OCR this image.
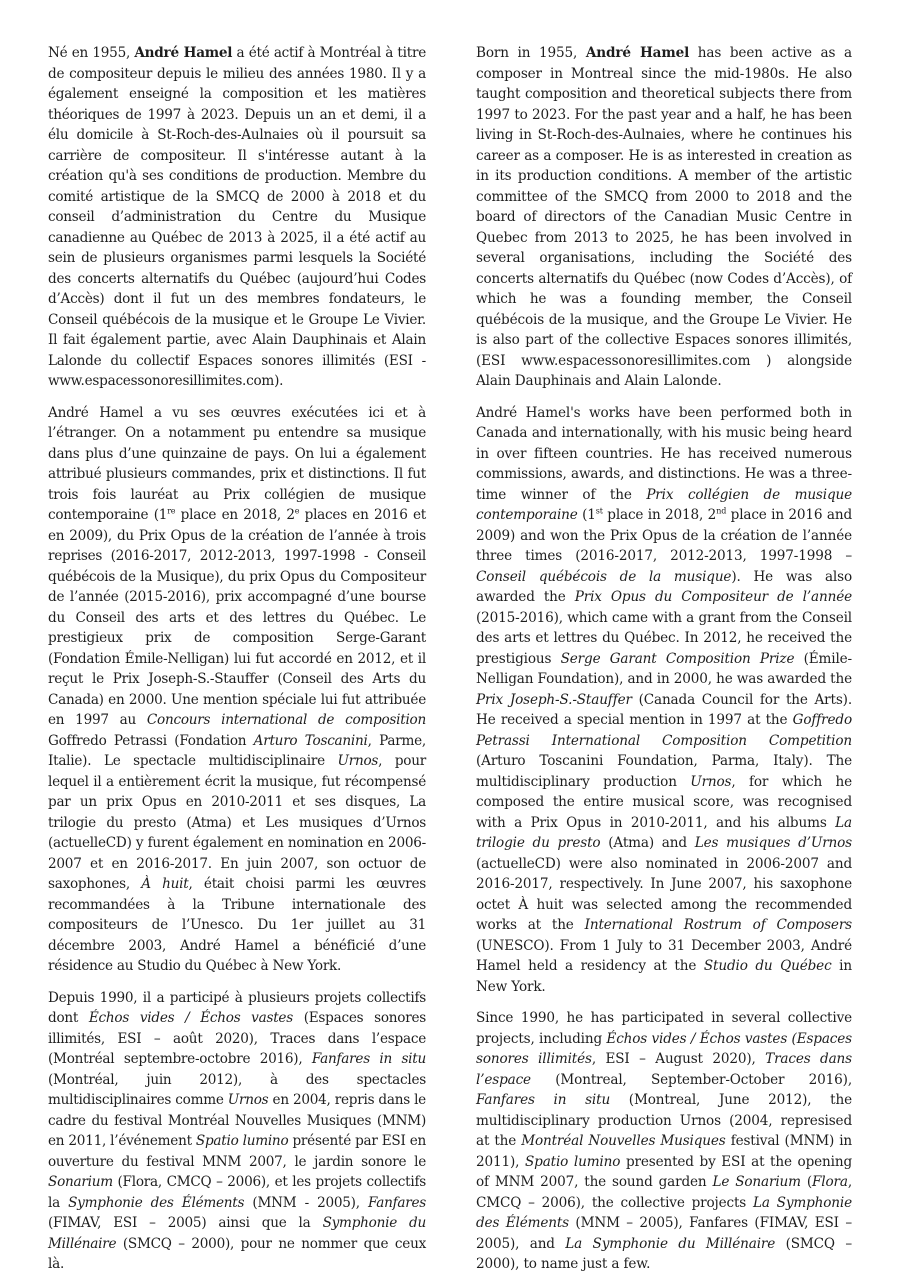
Né en 1955, André Hamel a été actif à Montréal à titre de compositeur depuis le milieu des années 1980. Il y a également enseigné la composition et les matières théoriques de 1997 à 2023. Depuis un an et demi, il a élu domicile à St-Roch-des-Aulnaies où il poursuit sa carrière de compositeur. Il s'intéresse autant à la création qu'à ses conditions de production. Membre du comité artistique de la SMCQ de 2000 à 2018 et du conseil d’administration du Centre du Musique canadienne au Québec de 2013 à 2025, il a été actif au sein de plusieurs organismes parmi lesquels la Société des concerts alternatifs du Québec (aujourd’hui Codes d’Accès) dont il fut un des membres fondateurs, le Conseil québécois de la musique et le Groupe Le Vivier. Il fait également partie, avec Alain Dauphinais et Alain Lalonde du collectif Espaces sonores illimités (ESI - www.espacessonoresillimites.com).

André Hamel a vu ses œuvres exécutées ici et à l’étranger. On a notamment pu entendre sa musique dans plus d’une quinzaine de pays. On lui a également attribué plusieurs commandes, prix et distinctions. Il fut trois fois lauréat au Prix collégien de musique contemporaine (1re place en 2018, 2e places en 2016 et en 2009), du Prix Opus de la création de l’année à trois reprises (2016-2017, 2012-2013, 1997-1998 - Conseil québécois de la Musique), du prix Opus du Compositeur de l’année (2015-2016), prix accompagné d’une bourse du Conseil des arts et des lettres du Québec. Le prestigieux prix de composition Serge-Garant (Fondation Émile-Nelligan) lui fut accordé en 2012, et il reçut le Prix Joseph-S.-Stauffer (Conseil des Arts du Canada) en 2000. Une mention spéciale lui fut attribuée en 1997 au Concours international de composition Goffredo Petrassi (Fondation Arturo Toscanini, Parme, Italie). Le spectacle multidisciplinaire Urnos, pour lequel il a entièrement écrit la musique, fut récompensé par un prix Opus en 2010-2011 et ses disques, La trilogie du presto (Atma) et Les musiques d’Urnos (actuelleCD) y furent également en nomination en 2006-2007 et en 2016-2017. En juin 2007, son octuor de saxophones, À huit, était choisi parmi les œuvres recommandées à la Tribune internationale des compositeurs de l’Unesco. Du 1er juillet au 31 décembre 2003, André Hamel a bénéficié d’une résidence au Studio du Québec à New York.

Depuis 1990, il a participé à plusieurs projets collectifs dont Échos vides / Échos vastes (Espaces sonores illimités, ESI – août 2020), Traces dans l’espace (Montréal septembre-octobre 2016), Fanfares in situ (Montréal, juin 2012), à des spectacles multidisciplinaires comme Urnos en 2004, repris dans le cadre du festival Montréal Nouvelles Musiques (MNM) en 2011, l’événement Spatio lumino présenté par ESI en ouverture du festival MNM 2007, le jardin sonore le Sonarium (Flora, CMCQ – 2006), et les projets collectifs la Symphonie des Éléments (MNM - 2005), Fanfares (FIMAV, ESI – 2005) ainsi que la Symphonie du Millénaire (SMCQ – 2000), pour ne nommer que ceux là.

Born in 1955, André Hamel has been active as a composer in Montreal since the mid-1980s. He also taught composition and theoretical subjects there from 1997 to 2023. For the past year and a half, he has been living in St-Roch-des-Aulnaies, where he continues his career as a composer. He is as interested in creation as in its production conditions. A member of the artistic committee of the SMCQ from 2000 to 2018 and the board of directors of the Canadian Music Centre in Quebec from 2013 to 2025, he has been involved in several organisations, including the Société des concerts alternatifs du Québec (now Codes d’Accès), of which he was a founding member, the Conseil québécois de la musique, and the Groupe Le Vivier. He is also part of the collective Espaces sonores illimités, (ESI www.espacessonoresillimites.com ) alongside Alain Dauphinais and Alain Lalonde.

André Hamel's works have been performed both in Canada and internationally, with his music being heard in over fifteen countries. He has received numerous commissions, awards, and distinctions. He was a three-time winner of the Prix collégien de musique contemporaine (1st place in 2018, 2nd place in 2016 and 2009) and won the Prix Opus de la création de l’année three times (2016-2017, 2012-2013, 1997-1998 – Conseil québécois de la musique). He was also awarded the Prix Opus du Compositeur de l’année (2015-2016), which came with a grant from the Conseil des arts et lettres du Québec. In 2012, he received the prestigious Serge Garant Composition Prize (Émile-Nelligan Foundation), and in 2000, he was awarded the Prix Joseph-S.-Stauffer (Canada Council for the Arts). He received a special mention in 1997 at the Goffredo Petrassi International Composition Competition (Arturo Toscanini Foundation, Parma, Italy). The multidisciplinary production Urnos, for which he composed the entire musical score, was recognised with a Prix Opus in 2010-2011, and his albums La trilogie du presto (Atma) and Les musiques d’Urnos (actuelleCD) were also nominated in 2006-2007 and 2016-2017, respectively. In June 2007, his saxophone octet À huit was selected among the recommended works at the International Rostrum of Composers (UNESCO). From 1 July to 31 December 2003, André Hamel held a residency at the Studio du Québec in New York.

Since 1990, he has participated in several collective projects, including Échos vides / Échos vastes (Espaces sonores illimités, ESI – August 2020), Traces dans l’espace (Montreal, September-October 2016), Fanfares in situ (Montreal, June 2012), the multidisciplinary production Urnos (2004, represised at the Montréal Nouvelles Musiques festival (MNM) in 2011), Spatio lumino presented by ESI at the opening of MNM 2007, the sound garden Le Sonarium (Flora, CMCQ – 2006), the collective projects La Symphonie des Éléments (MNM – 2005), Fanfares (FIMAV, ESI – 2005), and La Symphonie du Millénaire (SMCQ – 2000), to name just a few.
